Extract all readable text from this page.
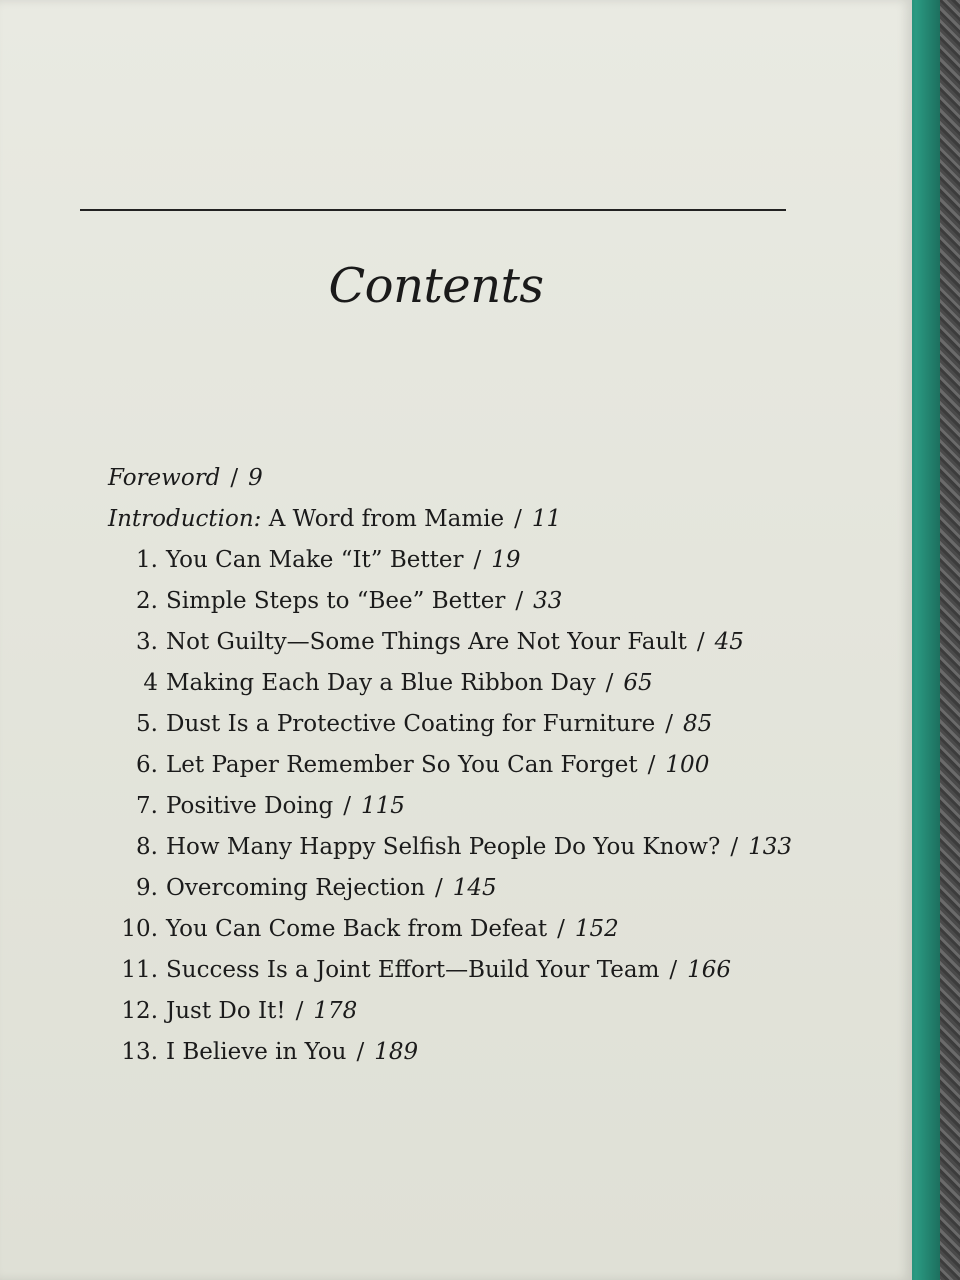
Contents
Foreword / 9
Introduction: A Word from Mamie / 11
1. You Can Make “It” Better / 19
2. Simple Steps to “Bee” Better / 33
3. Not Guilty—Some Things Are Not Your Fault / 45
4 Making Each Day a Blue Ribbon Day / 65
5. Dust Is a Protective Coating for Furniture / 85
6. Let Paper Remember So You Can Forget / 100
7. Positive Doing / 115
8. How Many Happy Selfish People Do You Know? / 133
9. Overcoming Rejection / 145
10. You Can Come Back from Defeat / 152
11. Success Is a Joint Effort—Build Your Team / 166
12. Just Do It! / 178
13. I Believe in You / 189
